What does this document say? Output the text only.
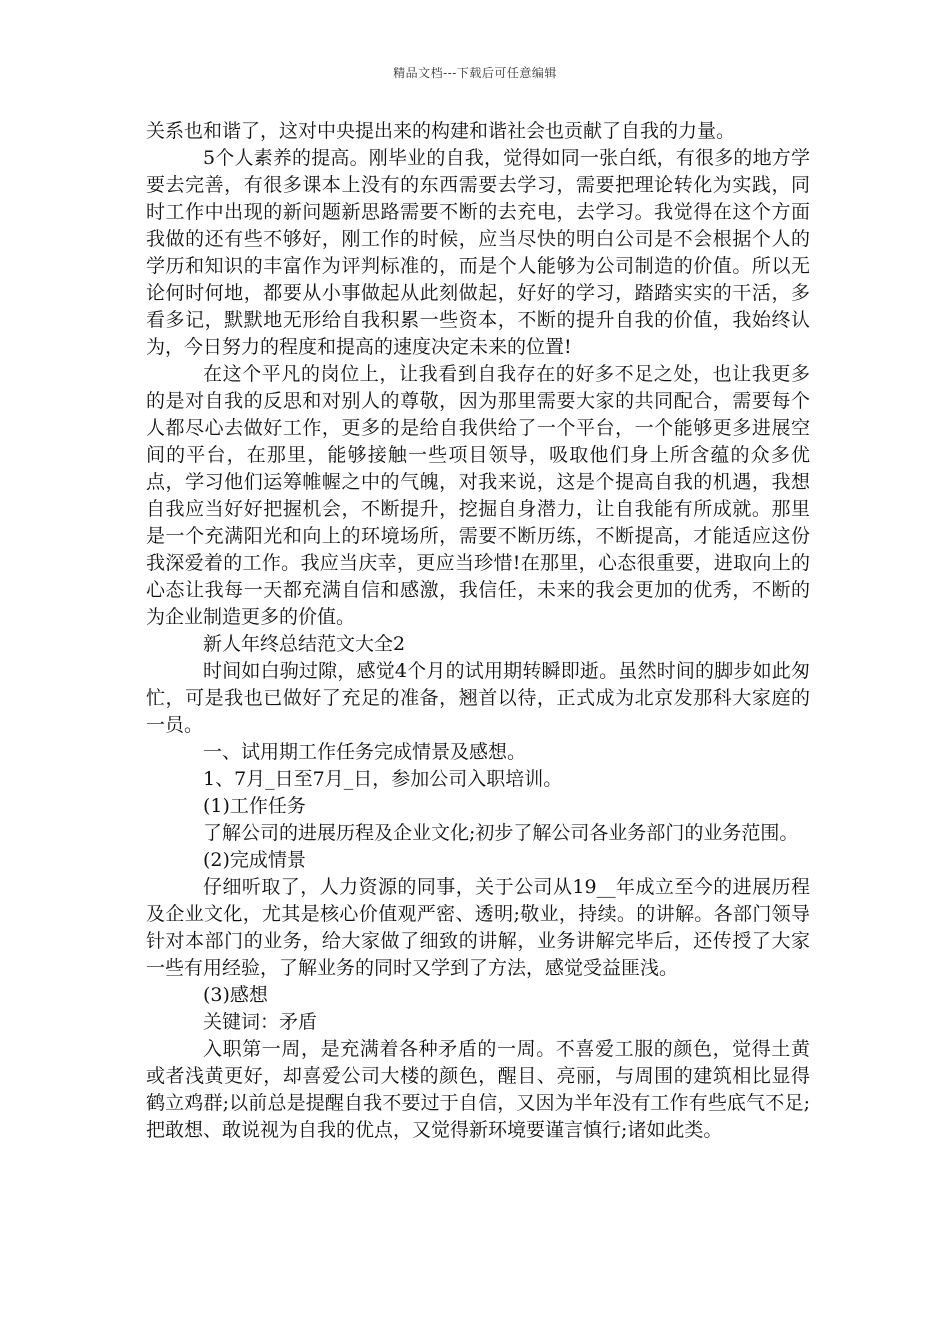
精品文档---下载后可任意编辑

关系也和谐了，这对中央提出来的构建和谐社会也贡献了自我的力量。

5个人素养的提高。刚毕业的自我，觉得如同一张白纸，有很多的地方学要去完善，有很多课本上没有的东西需要去学习，需要把理论转化为实践，同时工作中出现的新问题新思路需要不断的去充电，去学习。我觉得在这个方面我做的还有些不够好，刚工作的时候，应当尽快的明白公司是不会根据个人的学历和知识的丰富作为评判标准的，而是个人能够为公司制造的价值。所以无论何时何地，都要从小事做起从此刻做起，好好的学习，踏踏实实的干活，多看多记，默默地无形给自我积累一些资本，不断的提升自我的价值，我始终认为，今日努力的程度和提高的速度决定未来的位置!

在这个平凡的岗位上，让我看到自我存在的好多不足之处，也让我更多的是对自我的反思和对别人的尊敬，因为那里需要大家的共同配合，需要每个人都尽心去做好工作，更多的是给自我供给了一个平台，一个能够更多进展空间的平台，在那里，能够接触一些项目领导，吸取他们身上所含蕴的众多优点，学习他们运筹帷幄之中的气魄，对我来说，这是个提高自我的机遇，我想自我应当好好把握机会，不断提升，挖掘自身潜力，让自我能有所成就。那里是一个充满阳光和向上的环境场所，需要不断历练，不断提高，才能适应这份我深爱着的工作。我应当庆幸，更应当珍惜!在那里，心态很重要，进取向上的心态让我每一天都充满自信和感激，我信任，未来的我会更加的优秀，不断的为企业制造更多的价值。

新人年终总结范文大全2

时间如白驹过隙，感觉4个月的试用期转瞬即逝。虽然时间的脚步如此匆忙，可是我也已做好了充足的准备，翘首以待，正式成为北京发那科大家庭的一员。

一、试用期工作任务完成情景及感想。

1、7月_日至7月_日，参加公司入职培训。

(1)工作任务

了解公司的进展历程及企业文化;初步了解公司各业务部门的业务范围。

(2)完成情景

仔细听取了，人力资源的同事，关于公司从19__年成立至今的进展历程及企业文化，尤其是核心价值观严密、透明;敬业，持续。的讲解。各部门领导针对本部门的业务，给大家做了细致的讲解，业务讲解完毕后，还传授了大家一些有用经验，了解业务的同时又学到了方法，感觉受益匪浅。

(3)感想

关键词：矛盾

入职第一周，是充满着各种矛盾的一周。不喜爱工服的颜色，觉得土黄或者浅黄更好，却喜爱公司大楼的颜色，醒目、亮丽，与周围的建筑相比显得鹤立鸡群;以前总是提醒自我不要过于自信，又因为半年没有工作有些底气不足;把敢想、敢说视为自我的优点，又觉得新环境要谨言慎行;诸如此类。
